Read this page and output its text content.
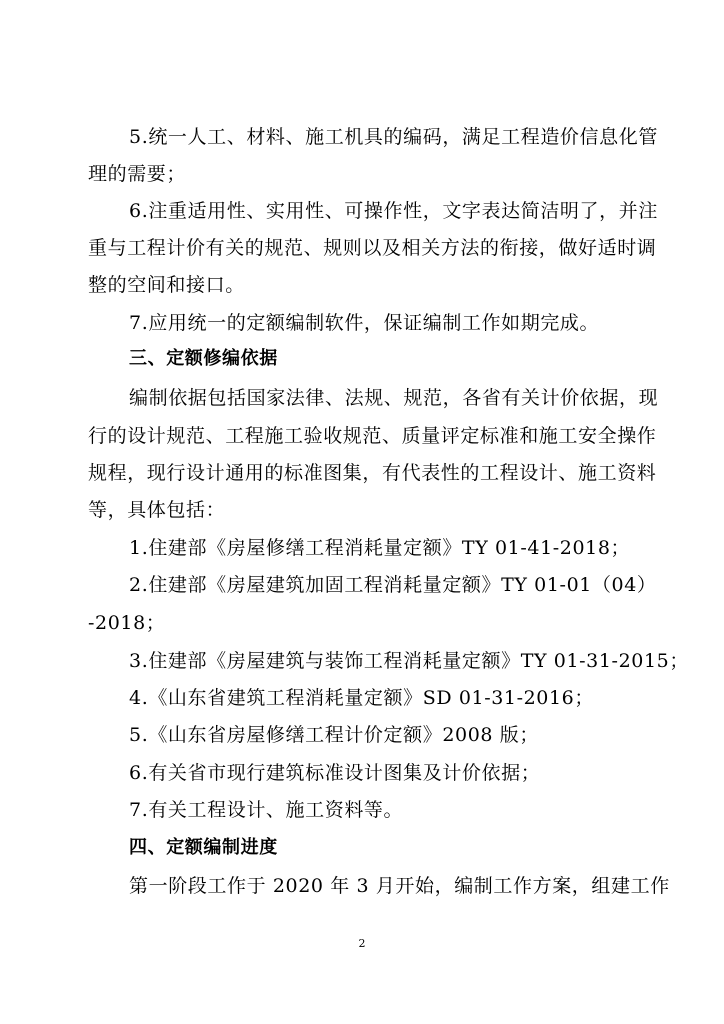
5.统一人工、材料、施工机具的编码，满足工程造价信息化管
理的需要；
6.注重适用性、实用性、可操作性，文字表达简洁明了，并注
重与工程计价有关的规范、规则以及相关方法的衔接，做好适时调
整的空间和接口。
7.应用统一的定额编制软件，保证编制工作如期完成。
三、定额修编依据
编制依据包括国家法律、法规、规范，各省有关计价依据，现
行的设计规范、工程施工验收规范、质量评定标准和施工安全操作
规程，现行设计通用的标准图集，有代表性的工程设计、施工资料
等，具体包括：
1.住建部《房屋修缮工程消耗量定额》TY 01-41-2018；
2.住建部《房屋建筑加固工程消耗量定额》TY 01-01（04）
-2018；
3.住建部《房屋建筑与装饰工程消耗量定额》TY 01-31-2015；
4.《山东省建筑工程消耗量定额》SD 01-31-2016；
5.《山东省房屋修缮工程计价定额》2008 版；
6.有关省市现行建筑标准设计图集及计价依据；
7.有关工程设计、施工资料等。
四、定额编制进度
第一阶段工作于 2020 年 3 月开始，编制工作方案，组建工作
2
